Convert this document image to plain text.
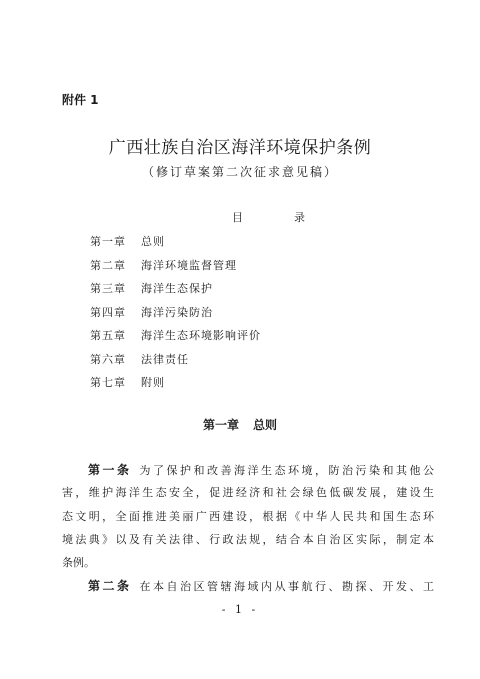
附件 1
广西壮族自治区海洋环境保护条例
（修订草案第二次征求意见稿）
目　录
第一章 总则
第二章 海洋环境监督管理
第三章 海洋生态保护
第四章 海洋污染防治
第五章 海洋生态环境影响评价
第六章 法律责任
第七章 附则
第一章 总则
第一条 为了保护和改善海洋生态环境，防治污染和其他公
害，维护海洋生态安全，促进经济和社会绿色低碳发展，建设生
态文明，全面推进美丽广西建设，根据《中华人民共和国生态环
境法典》以及有关法律、行政法规，结合本自治区实际，制定本
条例。
第二条 在本自治区管辖海域内从事航行、勘探、开发、工
- 1 -
